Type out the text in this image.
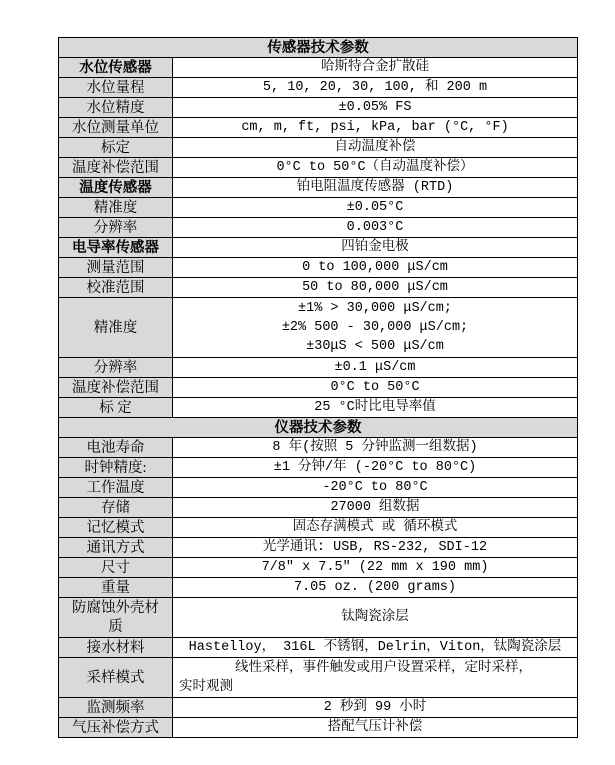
传感器技术参数	
水位传感器	哈斯特合金扩散硅
水位量程	5, 10, 20, 30, 100, 和 200 m
水位精度	±0.05% FS
水位测量单位	cm, m, ft, psi, kPa, bar (°C, °F)
标定	自动温度补偿
温度补偿范围	0°C to 50°C（自动温度补偿）
温度传感器	铂电阻温度传感器 (RTD)
精准度	±0.05°C
分辨率	0.003°C
电导率传感器	四铂金电极
测量范围	0 to 100,000 μS/cm
校准范围	50 to 80,000 μS/cm
精准度	±1% > 30,000 μS/cm;
±2% 500 - 30,000 μS/cm;
±30μS < 500 μS/cm

分辨率	±0.1 μS/cm
温度补偿范围	0°C to 50°C
标 定	25 °C时比电导率值
仪器技术参数	
电池寿命	8 年(按照 5 分钟监测一组数据)
时钟精度:	±1 分钟/年 (-20°C to 80°C)
工作温度	-20°C to 80°C
存储	27000 组数据
记忆模式	固态存满模式 或 循环模式
通讯方式	光学通讯: USB, RS-232, SDI-12
尺寸	7/8″ x 7.5″ (22 mm x 190 mm)
重量	7.05 oz. (200 grams)

防腐蚀外壳材
质	钛陶瓷涂层
接水材料	Hastelloy， 316L 不锈钢，Delrin，Viton，钛陶瓷涂层
采样模式	线性采样，事件触发或用户设置采样，定时采样，
实时观测

监测频率	2 秒到 99 小时
气压补偿方式	搭配气压计补偿
